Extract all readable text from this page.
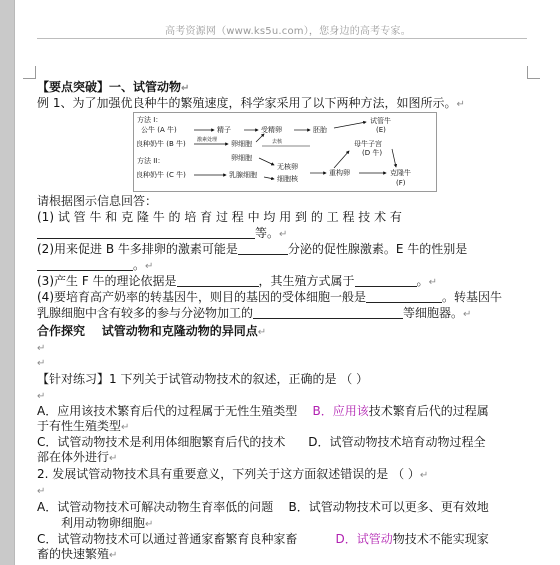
高考资源网（www.ks5u.com），您身边的高考专家。
【要点突破】一、试管动物↵
例 1、为了加强优良种牛的繁殖速度，科学家采用了以下两种方法，如图所示。↵
方法 I：
公牛 (A 牛)	精子	受精卵	胚胎
试管牛
(E)
良种奶牛 (B 牛) 激素处理 卵细胞	去核	母牛子宫
(D 牛)
方法 II：	卵细胞
无核卵
细胞核
良种奶牛 (C 牛)	乳腺细胞	重构卵	克隆牛
(F)
请根据图示信息回答：
(1) 试 管 牛 和 克 隆 牛 的 培 育 过 程 中 均 用 到 的 工 程 技 术 有
等。↵
(2)用来促进 B 牛多排卵的激素可能是	分泌的促性腺激素。E 牛的性别是
。↵
(3)产生 F 牛的理论依据是	，其生殖方式属于	。↵
(4)要培育高产奶率的转基因牛，则目的基因的受体细胞一般是	。转基因牛
乳腺细胞中含有较多的参与分泌物加工的	等细胞器。↵
合作探究 试管动物和克隆动物的异同点↵
↵
↵
【针对练习】1 下列关于试管动物技术的叙述，正确的是 （ ）
↵
A．应用该技术繁育后代的过程属于无性生殖类型 B．应用该技术繁育后代的过程属
于有性生殖类型↵
C．试管动物技术是利用体细胞繁育后代的技术 D．试管动物技术培育动物过程全
部在体外进行↵
2. 发展试管动物技术具有重要意义，下列关于这方面叙述错误的是 （ ）↵
↵
A．试管动物技术可解决动物生育率低的问题 B．试管动物技术可以更多、更有效地
利用动物卵细胞↵
C．试管动物技术可以通过普通家畜繁育良种家畜	D．试管动物技术不能实现家
畜的快速繁殖↵
